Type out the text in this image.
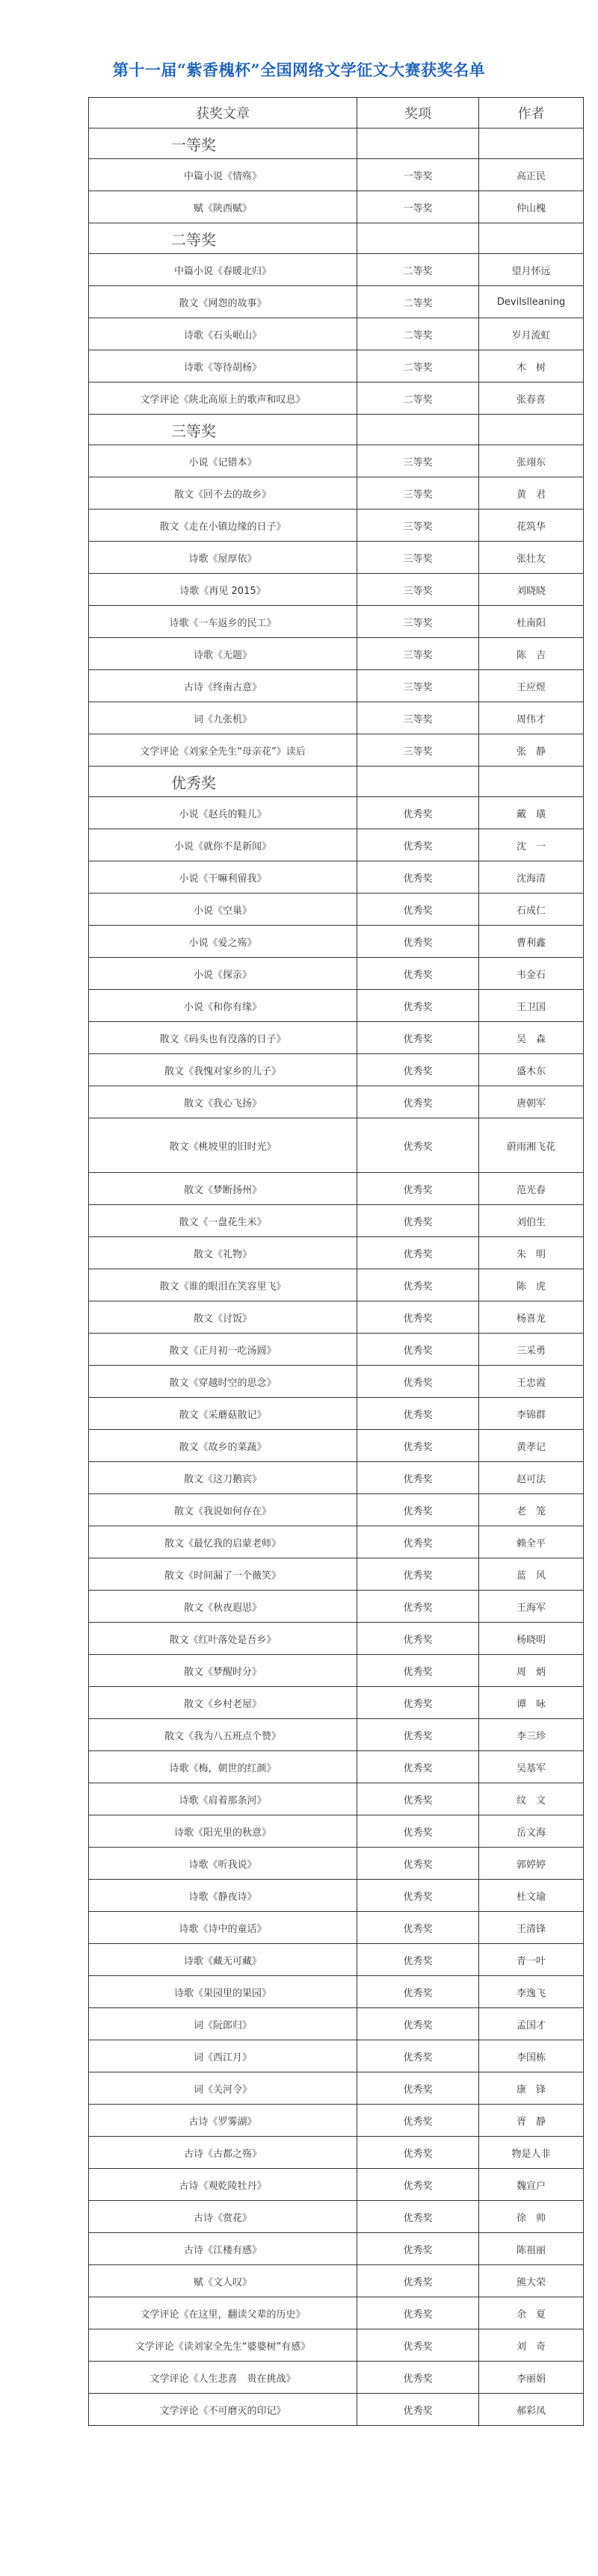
第十一届“紫香槐杯”全国网络文学征文大赛获奖名单
获奖文章	奖项	作者
一等奖		
中篇小说《情殇》	一等奖	高正民
赋《陕西赋》	一等奖	仲山槐
二等奖		
中篇小说《春暖北归》	二等奖	望月怀远
散文《网怨的故事》	二等奖	Devilslleaning
诗歌《石头岷山》	二等奖	岁月流虹
诗歌《等待胡杨》	二等奖	木　树
文学评论《陕北高原上的歌声和叹息》	二等奖	张春喜
三等奖		
小说《记错本》	三等奖	张翊东
散文《回不去的故乡》	三等奖	黄　君
散文《走在小镇边缘的日子》	三等奖	花筑华
诗歌《屋厚依》	三等奖	张壮友
诗歌《再见 2015》	三等奖	刘晓晓
诗歌《一车返乡的民工》	三等奖	杜南阳
诗歌《无题》	三等奖	陈　吉
古诗《终南古意》	三等奖	王应煜
词《九张机》	三等奖	周伟才
文学评论《刘家全先生“母亲花”》读后	三等奖	张　静
优秀奖		
小说《赵兵的鞋儿》	优秀奖	戴　璜
小说《就你不是新闻》	优秀奖	沈　一
小说《干嘛利留我》	优秀奖	沈海清
小说《空巢》	优秀奖	石成仁
小说《爱之殇》	优秀奖	曹利鑫
小说《探亲》	优秀奖	韦金石
小说《和你有缘》	优秀奖	王卫国
散文《码头也有没落的日子》	优秀奖	吴　森
散文《我愧对家乡的儿子》	优秀奖	盛木东
散文《我心飞扬》	优秀奖	唐朝军
散文《桃坡里的旧时光》	优秀奖	蔚雨湘飞花
散文《梦断扬州》	优秀奖	范光春
散文《一盘花生米》	优秀奖	刘伯生
散文《礼物》	优秀奖	朱　明
散文《谁的眼泪在笑容里飞》	优秀奖	陈　虎
散文《讨饭》	优秀奖	杨喜龙
散文《正月初一吃汤圆》	优秀奖	三采勇
散文《穿越时空的思念》	优秀奖	王忠霞
散文《采蘑菇散记》	优秀奖	李锦群
散文《故乡的菜蔬》	优秀奖	黄孝记
散文《这刀鹅宾》	优秀奖	赵可法
散文《我说如何存在》	优秀奖	老　笼
散文《最忆我的启蒙老师》	优秀奖	赖全平
散文《时间漏了一个薇笑》	优秀奖	蓝　风
散文《秋夜遐思》	优秀奖	王海军
散文《红叶落处是吾乡》	优秀奖	杨晓明
散文《梦醒时分》	优秀奖	周　炳
散文《乡村老屋》	优秀奖	谭　咏
散文《我为八五班点个赞》	优秀奖	李三珍
诗歌《梅，朝世的红颜》	优秀奖	吴基军
诗歌《肩着那条河》	优秀奖	纹　文
诗歌《阳光里的秋意》	优秀奖	岳文海
诗歌《听我说》	优秀奖	郭婷婷
诗歌《静夜诗》	优秀奖	杜文瑜
诗歌《诗中的童话》	优秀奖	王清锋
诗歌《藏无可藏》	优秀奖	青一叶
诗歌《果园里的果园》	优秀奖	李逸飞
词《阮郎归》	优秀奖	孟国才
词《西江月》	优秀奖	李国栋
词《关河令》	优秀奖	康　锋
古诗《罗雾湖》	优秀奖	胥　静
古诗《古都之殇》	优秀奖	物是人非
古诗《观乾陵牡丹》	优秀奖	魏宣户
古诗《赏花》	优秀奖	徐　帅
古诗《江楼有感》	优秀奖	陈祖丽
赋《文人叹》	优秀奖	熊大荣
文学评论《在这里，翻读父辈的历史》	优秀奖	余　夏
文学评论《读刘家全先生“婆婆树”有感》	优秀奖	刘　奇
文学评论《人生悲喜　贵在挑战》	优秀奖	李丽娟
文学评论《不可磨灭的印记》	优秀奖	郝彩凤
